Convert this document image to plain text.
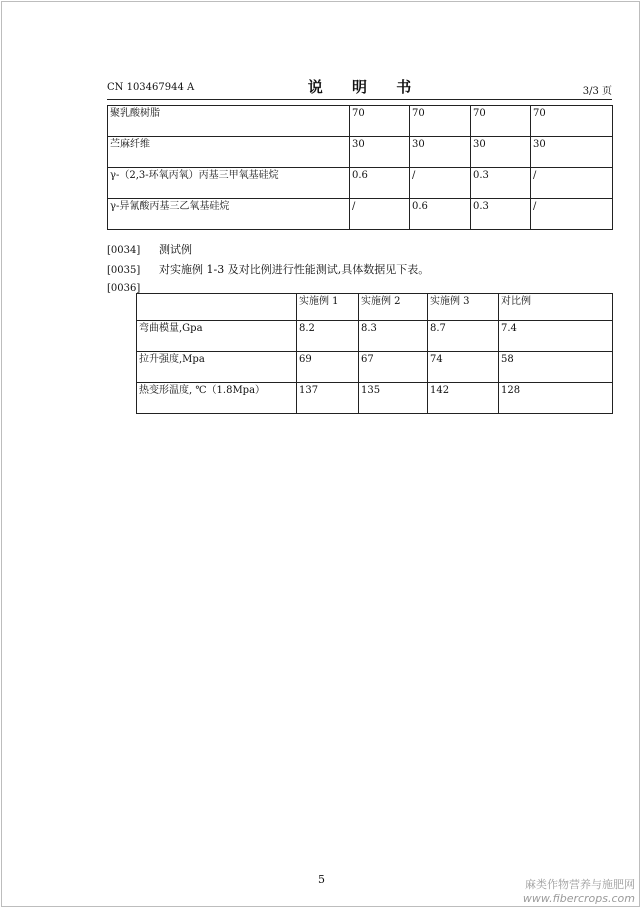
CN 103467944 A	说 明 书	3/3 页
聚乳酸树脂	70	70	70	70
苎麻纤维	30	30	30	30
γ-（2,3-环氧丙氧）丙基三甲氧基硅烷	0.6	/	0.3	/
γ-异氰酸丙基三乙氧基硅烷	/	0.6	0.3	/
[0034] 测试例
[0035] 对实施例 1-3 及对比例进行性能测试,具体数据见下表。
[0036]
	实施例 1	实施例 2	实施例 3	对比例
弯曲模量,Gpa	8.2	8.3	8.7	7.4
拉升强度,Mpa	69	67	74	58
热变形温度, ℃（1.8Mpa）	137	135	142	128
5	麻类作物营养与施肥网
www.fibercrops.com
